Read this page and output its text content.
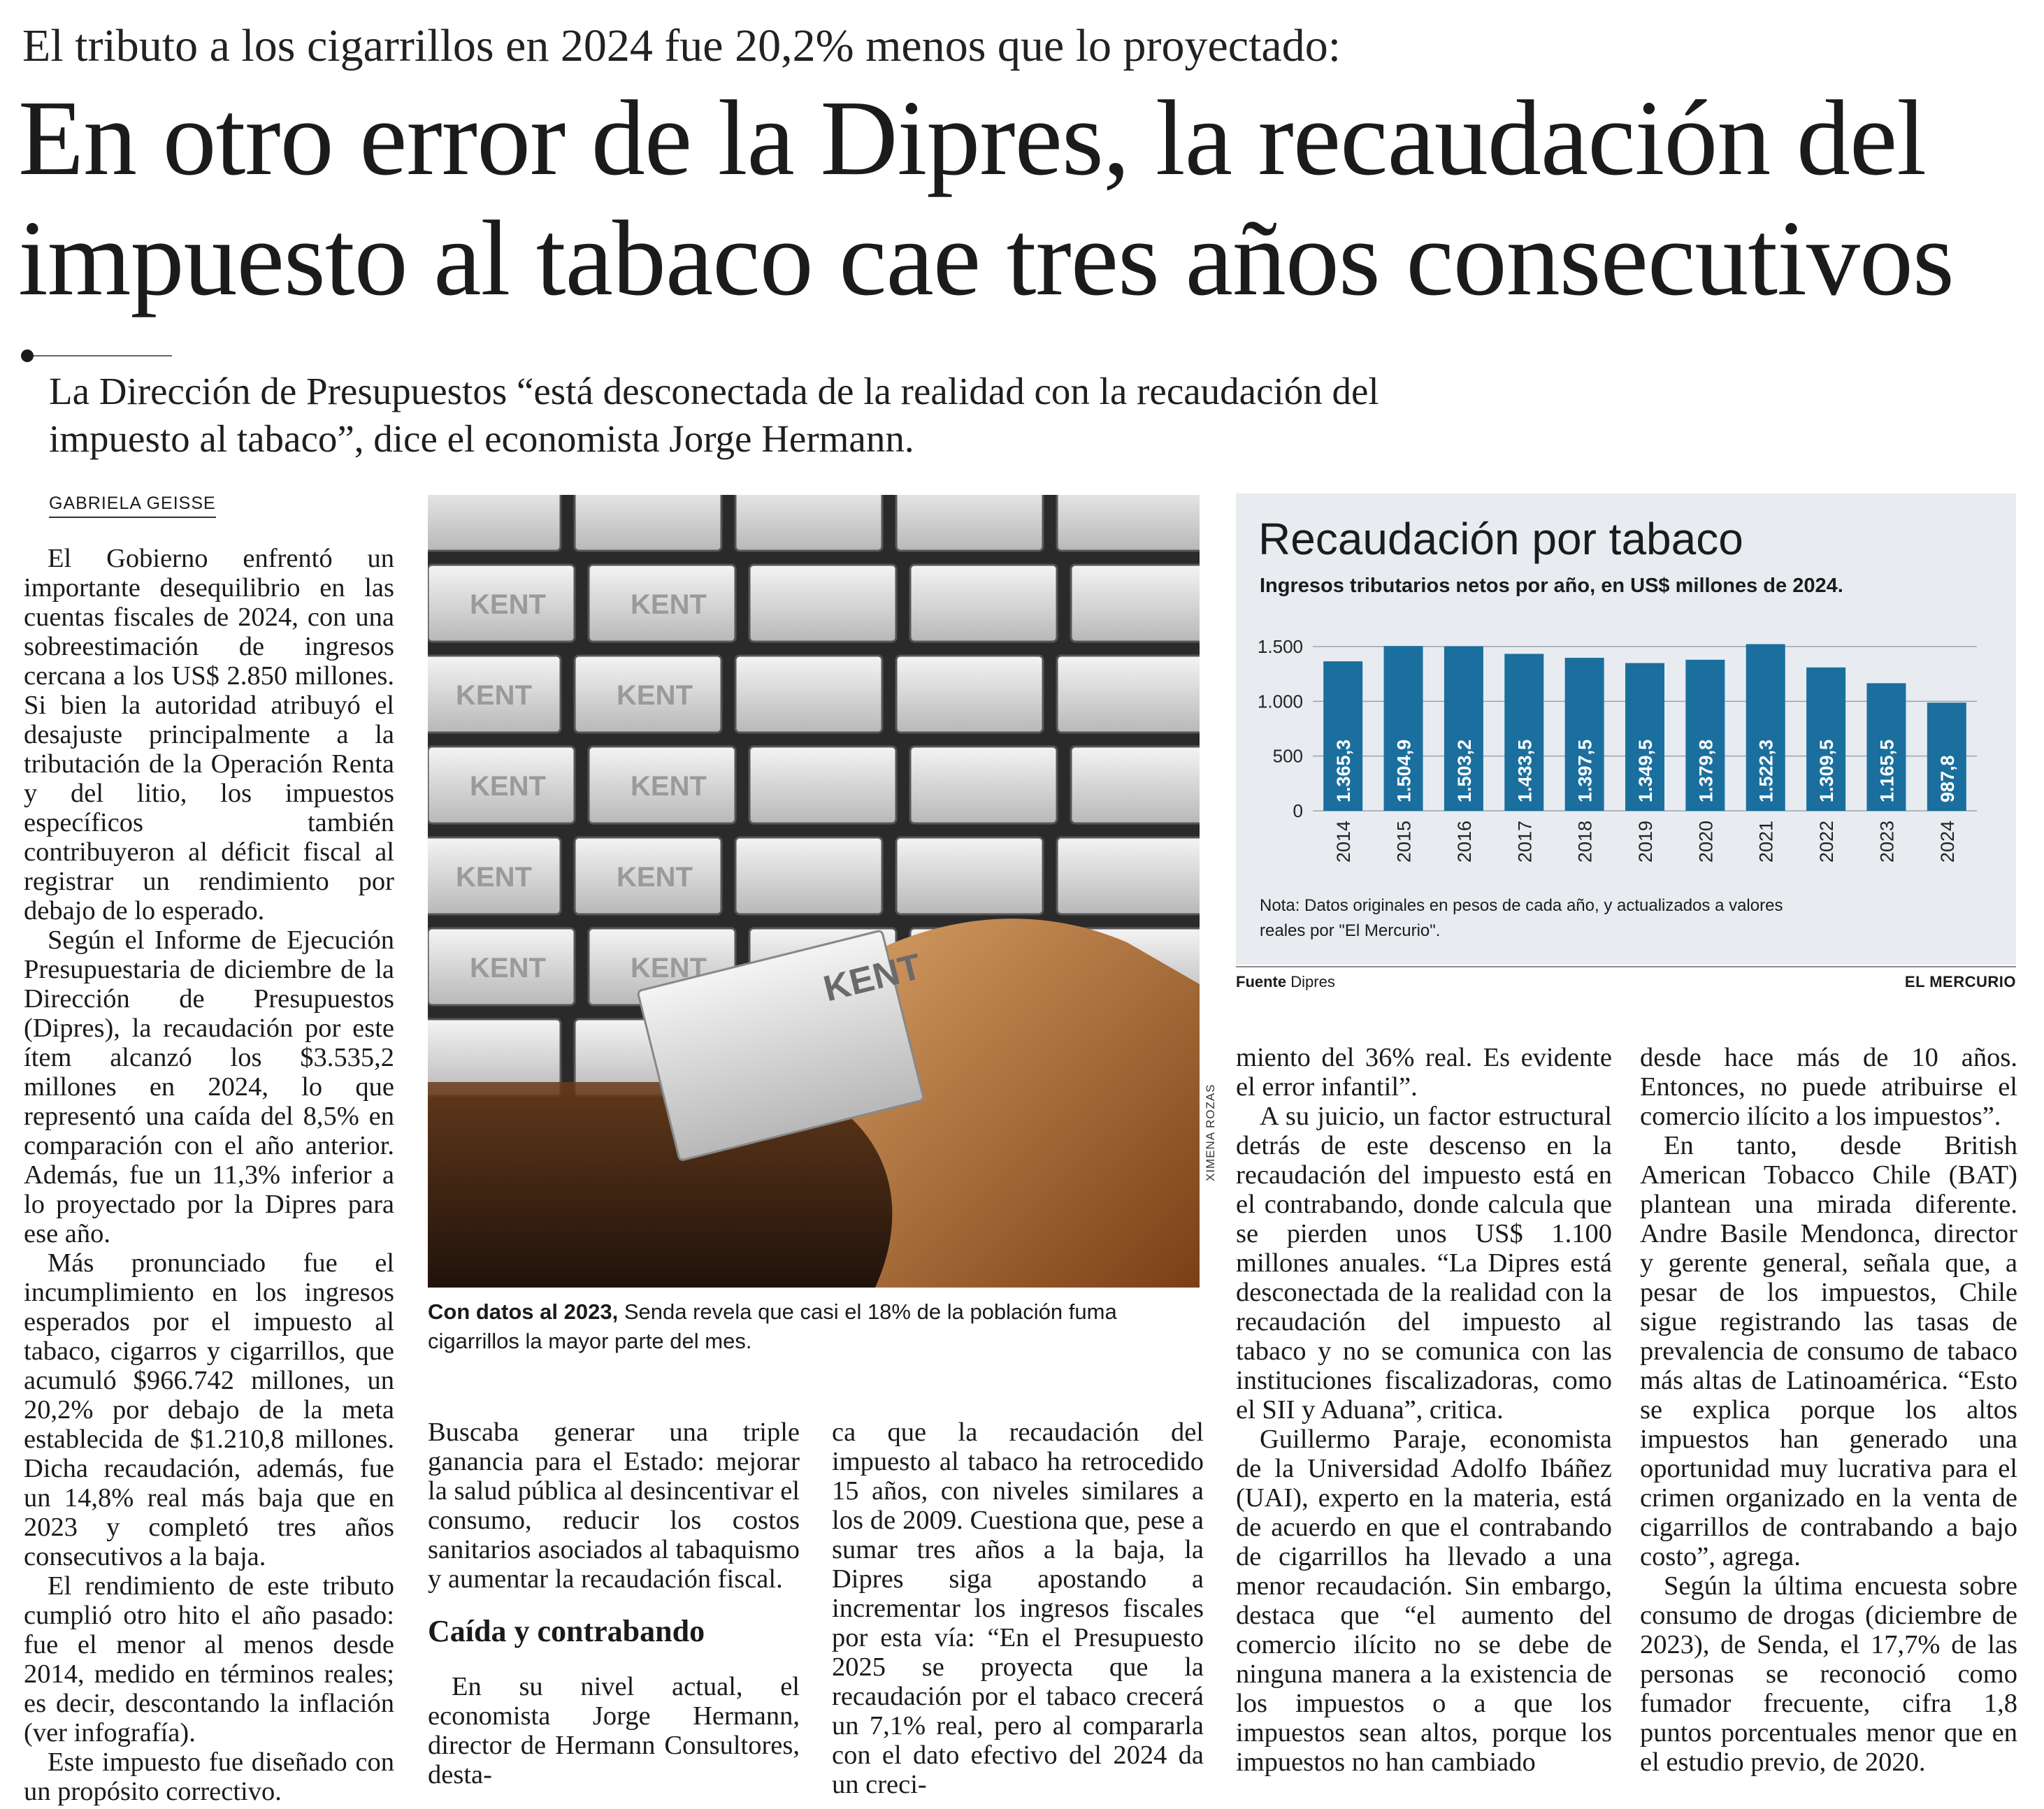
El tributo a los cigarrillos en 2024 fue 20,2% menos que lo proyectado:
En otro error de la Dipres, la recaudación del
impuesto al tabaco cae tres años consecutivos
La Dirección de Presupuestos “está desconectada de la realidad con la recaudación del
impuesto al tabaco”, dice el economista Jorge Hermann.
GABRIELA GEISSE

El Gobierno enfrentó un importante desequilibrio en las cuentas fiscales de 2024, con una sobreestimación de ingresos cercana a los US$ 2.850 millones. Si bien la autoridad atribuyó el desajuste principalmente a la tributación de la Operación Renta y del litio, los impuestos específicos también contribuyeron al déficit fiscal al registrar un rendimiento por debajo de lo esperado.

Según el Informe de Ejecución Presupuestaria de diciembre de la Dirección de Presupuestos (Dipres), la recaudación por este ítem alcanzó los $3.535,2 millones en 2024, lo que representó una caída del 8,5% en comparación con el año anterior. Además, fue un 11,3% inferior a lo proyectado por la Dipres para ese año.

Más pronunciado fue el incumplimiento en los ingresos esperados por el impuesto al tabaco, cigarros y cigarrillos, que acumuló $966.742 millones, un 20,2% por debajo de la meta establecida de $1.210,8 millones. Dicha recaudación, además, fue un 14,8% real más baja que en 2023 y completó tres años consecutivos a la baja.

El rendimiento de este tributo cumplió otro hito el año pasado: fue el menor al menos desde 2014, medido en términos reales; es decir, descontando la inflación (ver infografía).

Este impuesto fue diseñado con un propósito correctivo.

KENT	KENT
KENT	KENT
KENT	KENT
KENT	KENT
KENT	KENT	KENT
XIMENA ROZAS
Con datos al 2023, Senda revela que casi el 18% de la población fuma cigarrillos la mayor parte del mes.
Recaudación por tabaco
Ingresos tributarios netos por año, en US$ millones de 2024.
0
500
1.000
1.500
1.365,3 1.504,9 1.503,2 1.433,5 1.397,5 1.349,5 1.379,8 1.522,3 1.309,5 1.165,5 987,8
2014 2015 2016 2017 2018 2019 2020 2021 2022 2023 2024
Nota: Datos originales en pesos de cada año, y actualizados a valores reales por "El Mercurio".
Fuente Dipres	EL MERCURIO

Buscaba generar una triple ganancia para el Estado: mejorar la salud pública al desincentivar el consumo, reducir los costos sanitarios asociados al tabaquismo y aumentar la recaudación fiscal.

Caída y contrabando

En su nivel actual, el economista Jorge Hermann, director de Hermann Consultores, desta-

ca que la recaudación del impuesto al tabaco ha retrocedido 15 años, con niveles similares a los de 2009. Cuestiona que, pese a sumar tres años a la baja, la Dipres siga apostando a incrementar los ingresos fiscales por esta vía: “En el Presupuesto 2025 se proyecta que la recaudación por el tabaco crecerá un 7,1% real, pero al compararla con el dato efectivo del 2024 da un creci-

miento del 36% real. Es evidente el error infantil”.

A su juicio, un factor estructural detrás de este descenso en la recaudación del impuesto está en el contrabando, donde calcula que se pierden unos US$ 1.100 millones anuales. “La Dipres está desconectada de la realidad con la recaudación del impuesto al tabaco y no se comunica con las instituciones fiscalizadoras, como el SII y Aduana”, critica.

Guillermo Paraje, economista de la Universidad Adolfo Ibáñez (UAI), experto en la materia, está de acuerdo en que el contrabando de cigarrillos ha llevado a una menor recaudación. Sin embargo, destaca que “el aumento del comercio ilícito no se debe de ninguna manera a la existencia de los impuestos o a que los impuestos sean altos, porque los impuestos no han cambiado

desde hace más de 10 años. Entonces, no puede atribuirse el comercio ilícito a los impuestos”.

En tanto, desde British American Tobacco Chile (BAT) plantean una mirada diferente. Andre Basile Mendonca, director y gerente general, señala que, a pesar de los impuestos, Chile sigue registrando las tasas de prevalencia de consumo de tabaco más altas de Latinoamérica. “Esto se explica porque los altos impuestos han generado una oportunidad muy lucrativa para el crimen organizado en la venta de cigarrillos de contrabando a bajo costo”, agrega.

Según la última encuesta sobre consumo de drogas (diciembre de 2023), de Senda, el 17,7% de las personas se reconoció como fumador frecuente, cifra 1,8 puntos porcentuales menor que en el estudio previo, de 2020.
